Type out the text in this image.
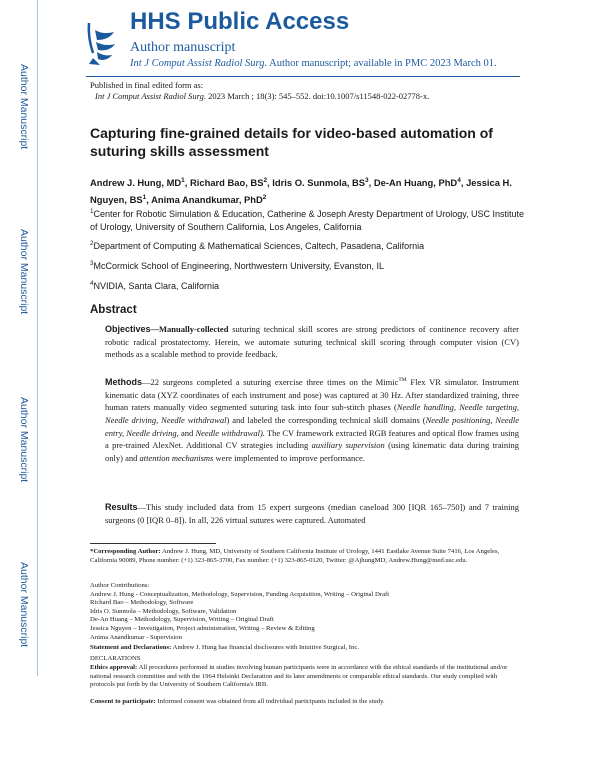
HHS Public Access
Author manuscript
Int J Comput Assist Radiol Surg. Author manuscript; available in PMC 2023 March 01.
Author Manuscript
Author Manuscript
Author Manuscript
Author Manuscript
Published in final edited form as:
Int J Comput Assist Radiol Surg. 2023 March ; 18(3): 545–552. doi:10.1007/s11548-022-02778-x.
Capturing fine-grained details for video-based automation of suturing skills assessment
Andrew J. Hung, $MD^1$, Richard Bao, $BS^2$, Idris O. Sunmola, $BS^3$, De-An Huang, PhD$^4$, Jessica H. Nguyen, $BS^1$, Anima Anandkumar, PhD$^2$
$^1$Center for Robotic Simulation & Education, Catherine & Joseph Aresty Department of Urology, USC Institute of Urology, University of Southern California, Los Angeles, California
$^2$Department of Computing & Mathematical Sciences, Caltech, Pasadena, California
$^3$McCormick School of Engineering, Northwestern University, Evanston, IL
$^4$NVIDIA, Santa Clara, California
Abstract
Objectives—Manually-collected suturing technical skill scores are strong predictors of continence recovery after robotic radical prostatectomy. Herein, we automate suturing technical skill scoring through computer vision (CV) methods as a scalable method to provide feedback.
Methods—22 surgeons completed a suturing exercise three times on the Mimic™ Flex VR simulator. Instrument kinematic data (XYZ coordinates of each instrument and pose) was captured at 30 Hz. After standardized training, three human raters manually video segmented suturing task into four sub-stitch phases (Needle handling, Needle targeting, Needle driving, Needle withdrawal) and labeled the corresponding technical skill domains (Needle positioning, Needle entry, Needle driving, and Needle withdrawal). The CV framework extracted RGB features and optical flow frames using a pre-trained AlexNet. Additional CV strategies including auxiliary supervision (using kinematic data during training only) and attention mechanisms were implemented to improve performance.
Results—This study included data from 15 expert surgeons (median caseload 300 [IQR 165–750]) and 7 training surgeons (0 [IQR 0–8]). In all, 226 virtual sutures were captured. Automated
*Corresponding Author: Andrew J. Hung, MD, University of Southern California Institute of Urology, 1441 Eastlake Avenue Suite 7416, Los Angeles, California 90089, Phone number: (+1) 323-865-3700, Fax number: (+1) 323-865-0120, Twitter: @AjhungMD, Andrew.Hung@med.usc.edu.
Author Contributions:
Andrew J. Hung - Conceptualization, Methodology, Supervision, Funding Acquisition, Writing – Original Draft
Richard Bao – Methodology, Software
Idris O. Sunmola – Methodology, Software, Validation
De-An Huang – Methodology, Supervision, Writing – Original Draft
Jessica Nguyen – Investigation, Project administration, Writing – Review & Editing
Anima Anandkumar - Supervision
Statement and Declarations: Andrew J. Hung has financial disclosures with Intuitive Surgical, Inc.
DECLARATIONS
Ethics approval: All procedures performed in studies involving human participants were in accordance with the ethical standards of the institutional and/or national research committee and with the 1964 Helsinki Declaration and its later amendments or comparable ethical standards. Our study complied with protocols put forth by the University of Southern California's IRB.
Consent to participate: Informed consent was obtained from all individual participants included in the study.
